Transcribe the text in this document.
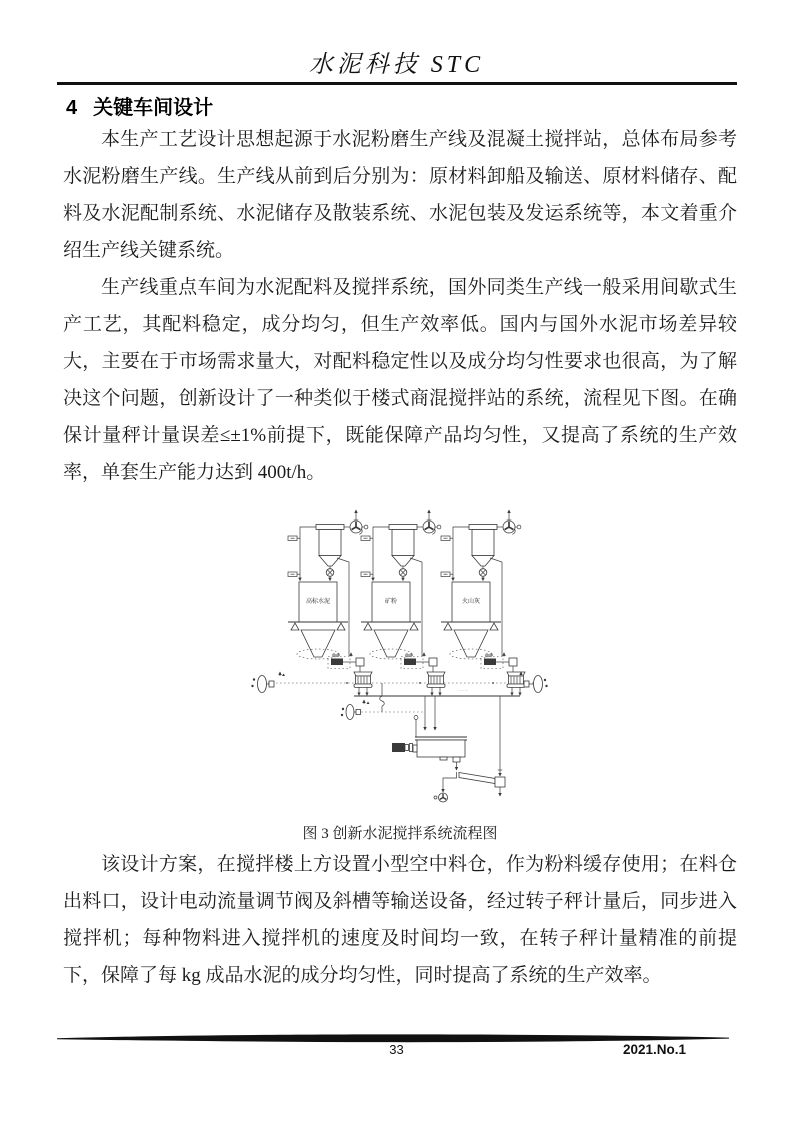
水泥科技 STC
4 关键车间设计

本生产工艺设计思想起源于水泥粉磨生产线及混凝土搅拌站，总体布局参考水泥粉磨生产线。生产线从前到后分别为：原材料卸船及输送、原材料储存、配料及水泥配制系统、水泥储存及散装系统、水泥包装及发运系统等，本文着重介绍生产线关键系统。

生产线重点车间为水泥配料及搅拌系统，国外同类生产线一般采用间歇式生产工艺，其配料稳定，成分均匀，但生产效率低。国内与国外水泥市场差异较大，主要在于市场需求量大，对配料稳定性以及成分均匀性要求也很高，为了解决这个问题，创新设计了一种类似于楼式商混搅拌站的系统，流程见下图。在确保计量秤计量误差≤±1%前提下，既能保障产品均匀性，又提高了系统的生产效率，单套生产能力达到 400t/h。

高标水泥	矿粉	火山灰
········
图 3 创新水泥搅拌系统流程图

该设计方案，在搅拌楼上方设置小型空中料仓，作为粉料缓存使用；在料仓出料口，设计电动流量调节阀及斜槽等输送设备，经过转子秤计量后，同步进入搅拌机；每种物料进入搅拌机的速度及时间均一致，在转子秤计量精准的前提下，保障了每 kg 成品水泥的成分均匀性，同时提高了系统的生产效率。

33	2021.No.1
